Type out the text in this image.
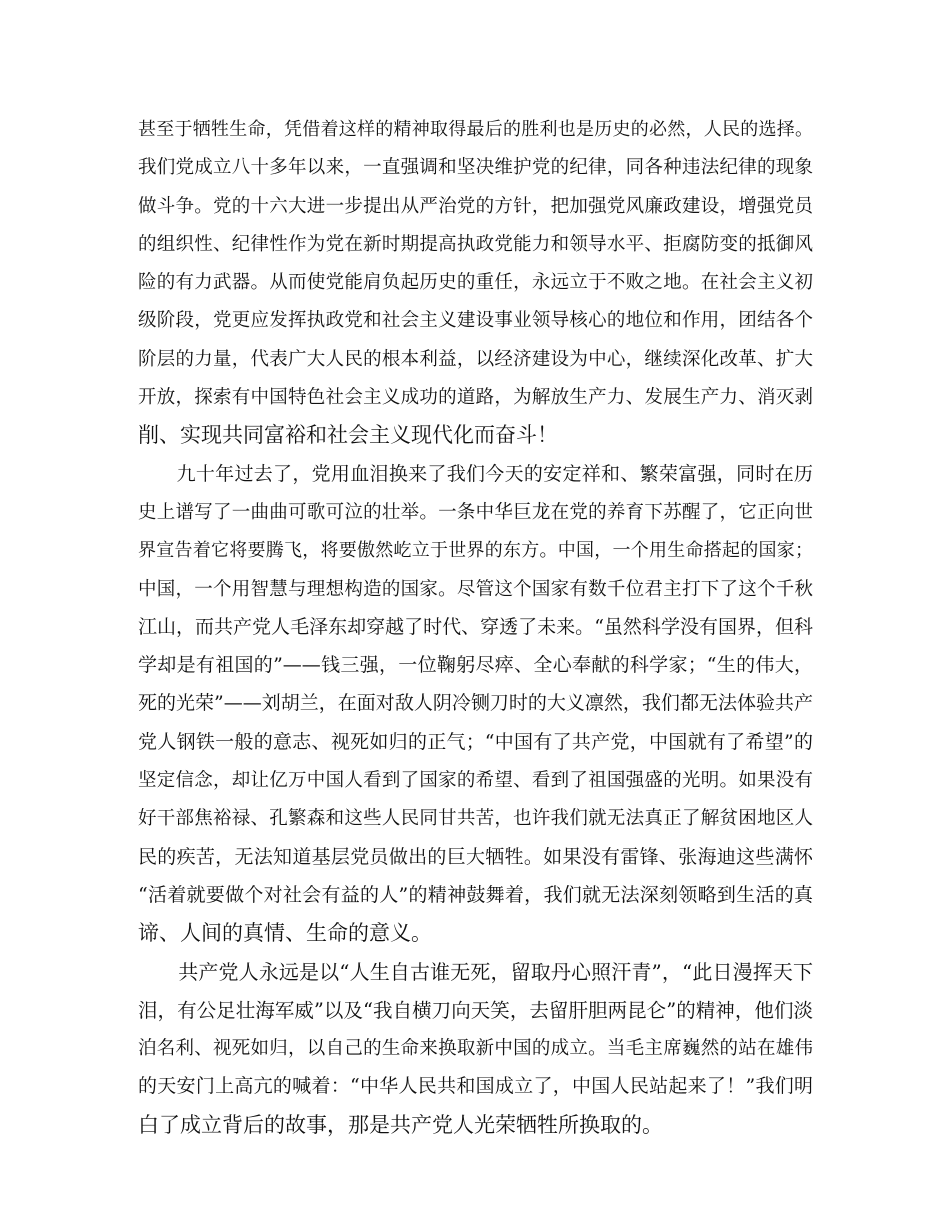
甚至于牺牲生命，凭借着这样的精神取得最后的胜利也是历史的必然，人民的选择。
我们党成立八十多年以来，一直强调和坚决维护党的纪律，同各种违法纪律的现象
做斗争。党的十六大进一步提出从严治党的方针，把加强党风廉政建设，增强党员
的组织性、纪律性作为党在新时期提高执政党能力和领导水平、拒腐防变的抵御风
险的有力武器。从而使党能肩负起历史的重任，永远立于不败之地。在社会主义初
级阶段，党更应发挥执政党和社会主义建设事业领导核心的地位和作用，团结各个
阶层的力量，代表广大人民的根本利益，以经济建设为中心，继续深化改革、扩大
开放，探索有中国特色社会主义成功的道路，为解放生产力、发展生产力、消灭剥
削、实现共同富裕和社会主义现代化而奋斗！
　　九十年过去了，党用血泪换来了我们今天的安定祥和、繁荣富强，同时在历
史上谱写了一曲曲可歌可泣的壮举。一条中华巨龙在党的养育下苏醒了，它正向世
界宣告着它将要腾飞，将要傲然屹立于世界的东方。中国，一个用生命搭起的国家；
中国，一个用智慧与理想构造的国家。尽管这个国家有数千位君主打下了这个千秋
江山，而共产党人毛泽东却穿越了时代、穿透了未来。“虽然科学没有国界，但科
学却是有祖国的”——钱三强，一位鞠躬尽瘁、全心奉献的科学家；“生的伟大，
死的光荣”——刘胡兰，在面对敌人阴冷铡刀时的大义凛然，我们都无法体验共产
党人钢铁一般的意志、视死如归的正气；“中国有了共产党，中国就有了希望”的
坚定信念，却让亿万中国人看到了国家的希望、看到了祖国强盛的光明。如果没有
好干部焦裕禄、孔繁森和这些人民同甘共苦，也许我们就无法真正了解贫困地区人
民的疾苦，无法知道基层党员做出的巨大牺牲。如果没有雷锋、张海迪这些满怀
“活着就要做个对社会有益的人”的精神鼓舞着，我们就无法深刻领略到生活的真
谛、人间的真情、生命的意义。
　　共产党人永远是以“人生自古谁无死，留取丹心照汗青”，“此日漫挥天下
泪，有公足壮海军威”以及“我自横刀向天笑，去留肝胆两昆仑”的精神，他们淡
泊名利、视死如归，以自己的生命来换取新中国的成立。当毛主席巍然的站在雄伟
的天安门上高亢的喊着：“中华人民共和国成立了，中国人民站起来了！”我们明
白了成立背后的故事，那是共产党人光荣牺牲所换取的。
